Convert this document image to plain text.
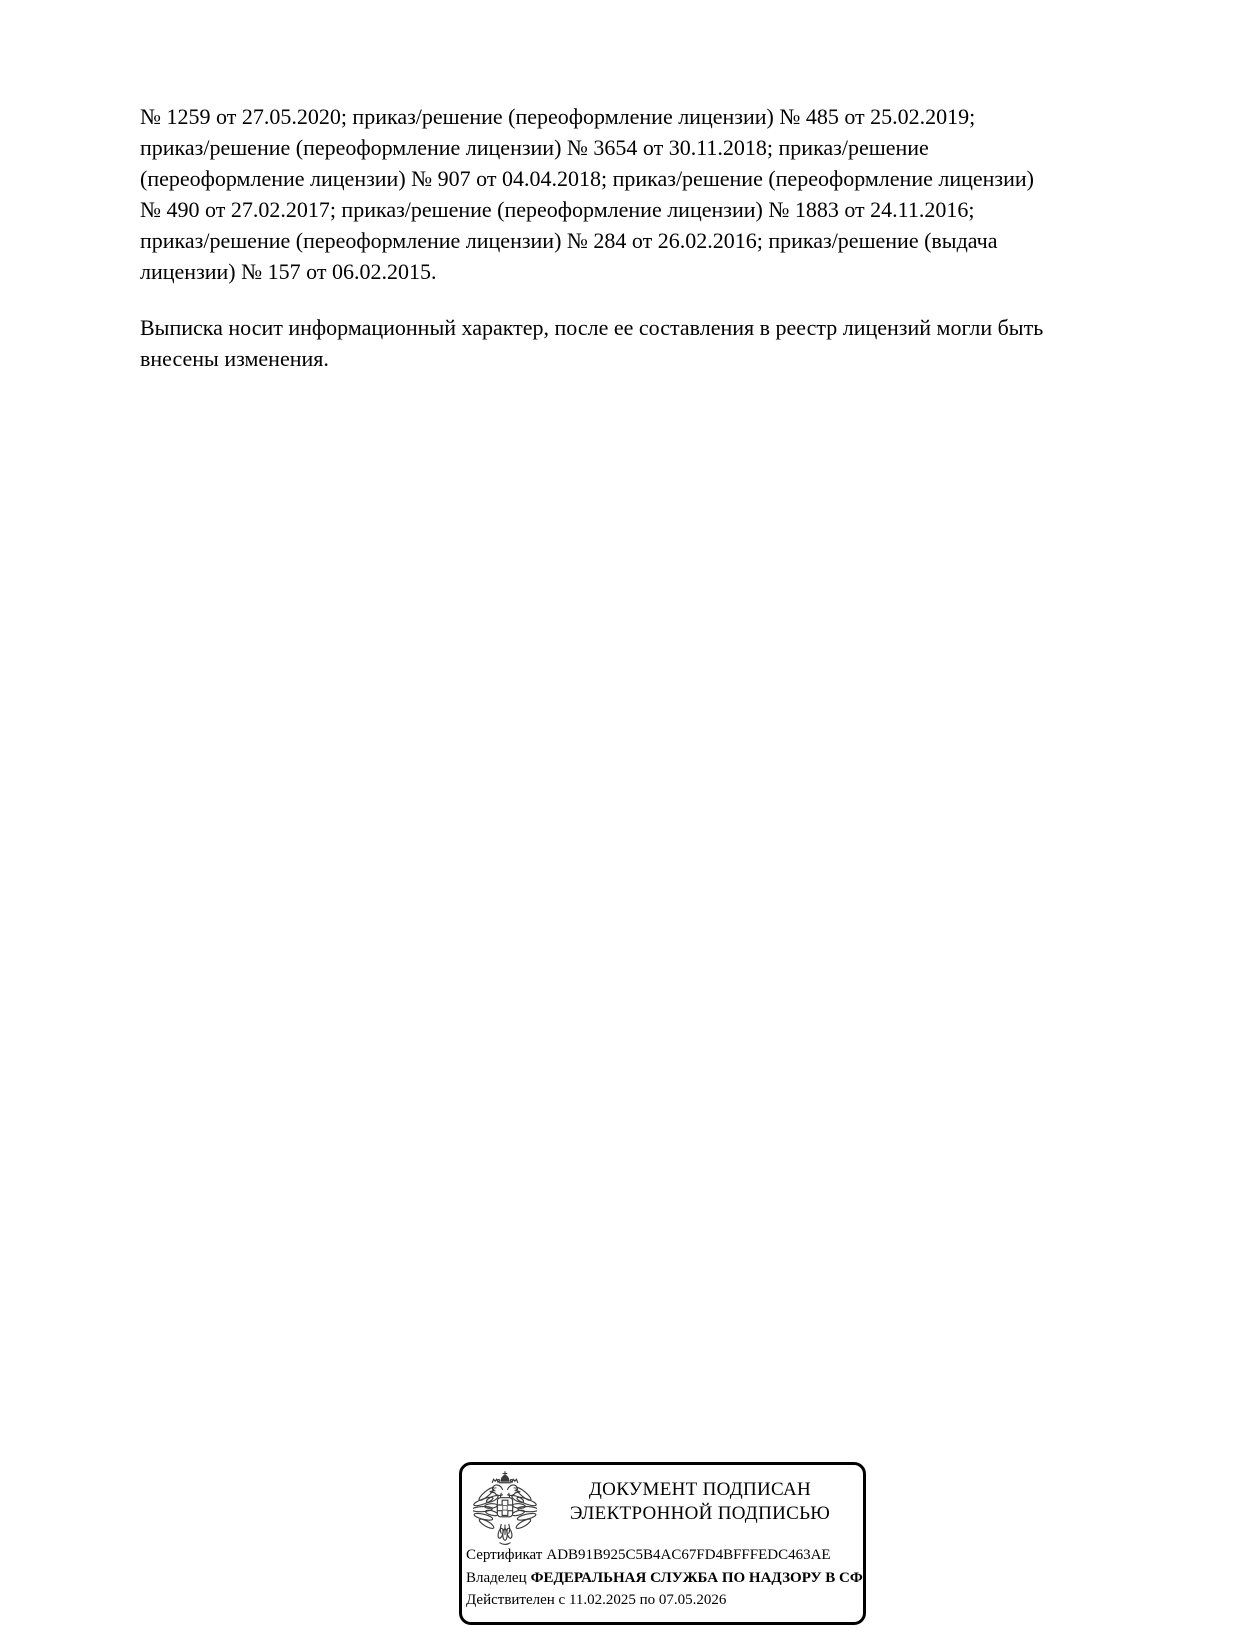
№ 1259 от 27.05.2020; приказ/решение (переоформление лицензии) № 485 от 25.02.2019;
приказ/решение (переоформление лицензии) № 3654 от 30.11.2018; приказ/решение
(переоформление лицензии) № 907 от 04.04.2018; приказ/решение (переоформление лицензии)
№ 490 от 27.02.2017; приказ/решение (переоформление лицензии) № 1883 от 24.11.2016;
приказ/решение (переоформление лицензии) № 284 от 26.02.2016; приказ/решение (выдача
лицензии) № 157 от 06.02.2015.
Выписка носит информационный характер, после ее составления в реестр лицензий могли быть
внесены изменения.
ДОКУМЕНТ ПОДПИСАН
ЭЛЕКТРОННОЙ ПОДПИСЬЮ
Сертификат ADB91B925C5B4AC67FD4BFFFEDC463AE
Владелец ФЕДЕРАЛЬНАЯ СЛУЖБА ПО НАДЗОРУ В СФ
Действителен с 11.02.2025 по 07.05.2026
